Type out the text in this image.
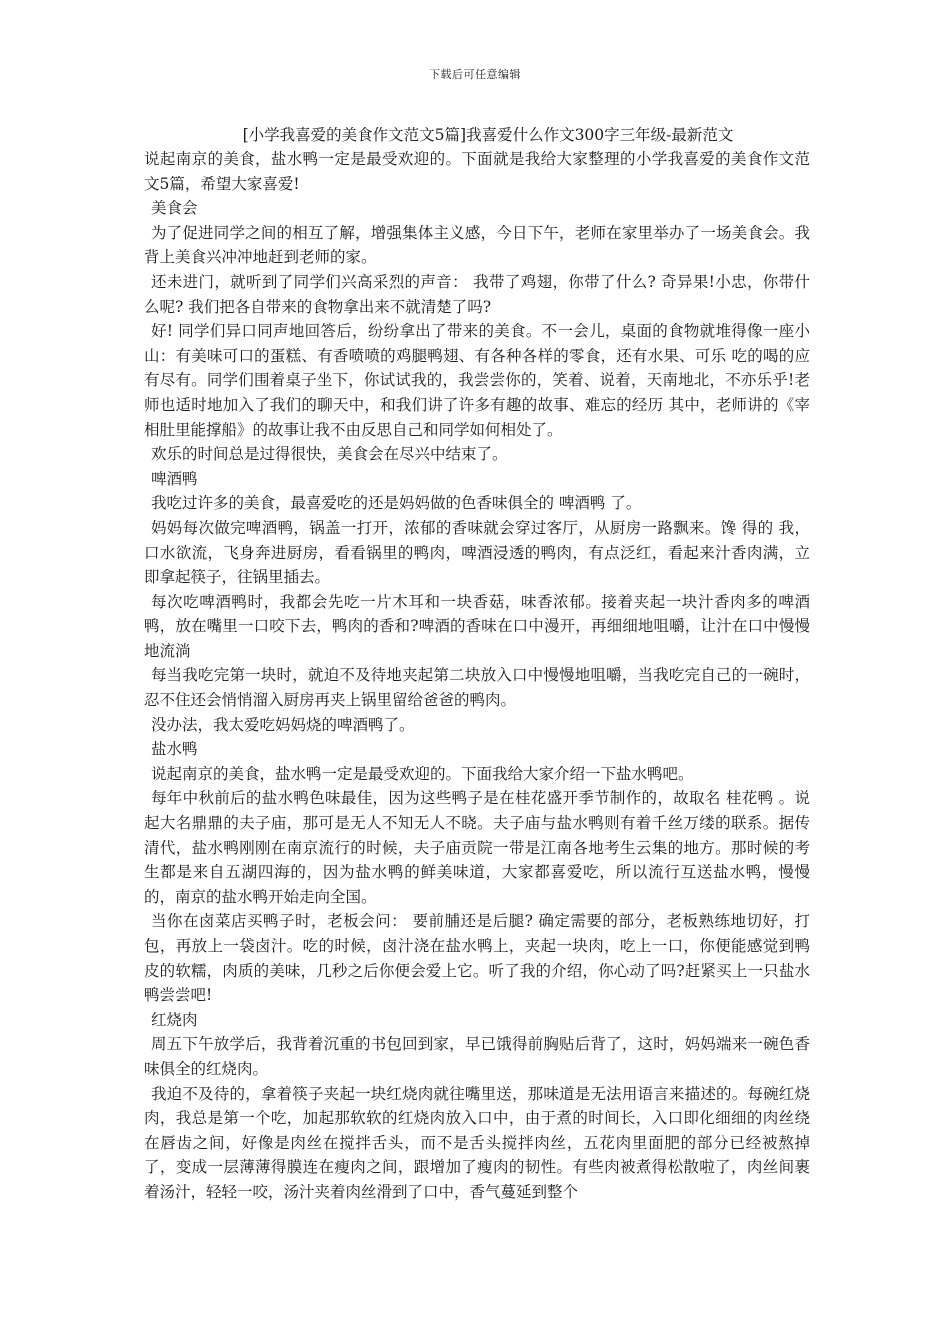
下载后可任意编辑
[小学我喜爱的美食作文范文5篇]我喜爱什么作文300字三年级-最新范文

说起南京的美食，盐水鸭一定是最受欢迎的。下面就是我给大家整理的小学我喜爱的美食作文范文5篇，希望大家喜爱!

美食会

为了促进同学之间的相互了解，增强集体主义感，今日下午，老师在家里举办了一场美食会。我背上美食兴冲冲地赶到老师的家。

还未进门，就听到了同学们兴高采烈的声音： 我带了鸡翅，你带了什么? 奇异果!小忠，你带什么呢? 我们把各自带来的食物拿出来不就清楚了吗?

好! 同学们异口同声地回答后，纷纷拿出了带来的美食。不一会儿，桌面的食物就堆得像一座小山：有美味可口的蛋糕、有香喷喷的鸡腿鸭翅、有各种各样的零食，还有水果、可乐 吃的喝的应有尽有。同学们围着桌子坐下，你试试我的，我尝尝你的，笑着、说着，天南地北，不亦乐乎!老师也适时地加入了我们的聊天中，和我们讲了许多有趣的故事、难忘的经历 其中，老师讲的《宰相肚里能撑船》的故事让我不由反思自己和同学如何相处了。

欢乐的时间总是过得很快，美食会在尽兴中结束了。

啤酒鸭

我吃过许多的美食，最喜爱吃的还是妈妈做的色香味俱全的 啤酒鸭 了。

妈妈每次做完啤酒鸭，锅盖一打开，浓郁的香味就会穿过客厅，从厨房一路飘来。馋 得的 我，口水欲流，飞身奔进厨房，看看锅里的鸭肉，啤酒浸透的鸭肉，有点泛红，看起来汁香肉满，立即拿起筷子，往锅里插去。

每次吃啤酒鸭时，我都会先吃一片木耳和一块香菇，味香浓郁。接着夹起一块汁香肉多的啤酒鸭，放在嘴里一口咬下去，鸭肉的香和?啤酒的香味在口中漫开，再细细地咀嚼，让汁在口中慢慢地流淌

每当我吃完第一块时，就迫不及待地夹起第二块放入口中慢慢地咀嚼，当我吃完自己的一碗时，忍不住还会悄悄溜入厨房再夹上锅里留给爸爸的鸭肉。

没办法，我太爱吃妈妈烧的啤酒鸭了。

盐水鸭

说起南京的美食，盐水鸭一定是最受欢迎的。下面我给大家介绍一下盐水鸭吧。

每年中秋前后的盐水鸭色味最佳，因为这些鸭子是在桂花盛开季节制作的，故取名 桂花鸭 。说起大名鼎鼎的夫子庙，那可是无人不知无人不晓。夫子庙与盐水鸭则有着千丝万缕的联系。据传清代，盐水鸭刚刚在南京流行的时候，夫子庙贡院一带是江南各地考生云集的地方。那时候的考生都是来自五湖四海的，因为盐水鸭的鲜美味道，大家都喜爱吃，所以流行互送盐水鸭，慢慢的，南京的盐水鸭开始走向全国。

当你在卤菜店买鸭子时，老板会问： 要前脯还是后腿? 确定需要的部分，老板熟练地切好，打包，再放上一袋卤汁。吃的时候，卤汁浇在盐水鸭上，夹起一块肉，吃上一口，你便能感觉到鸭皮的软糯，肉质的美味，几秒之后你便会爱上它。听了我的介绍，你心动了吗?赶紧买上一只盐水鸭尝尝吧!

红烧肉

周五下午放学后，我背着沉重的书包回到家，早已饿得前胸贴后背了，这时，妈妈端来一碗色香味俱全的红烧肉。

我迫不及待的，拿着筷子夹起一块红烧肉就往嘴里送，那味道是无法用语言来描述的。每碗红烧肉，我总是第一个吃，加起那软软的红烧肉放入口中，由于煮的时间长，入口即化细细的肉丝绕在唇齿之间，好像是肉丝在搅拌舌头，而不是舌头搅拌肉丝，五花肉里面肥的部分已经被熬掉了，变成一层薄薄得膜连在瘦肉之间，跟增加了瘦肉的韧性。有些肉被煮得松散啦了，肉丝间裹着汤汁，轻轻一咬，汤汁夹着肉丝滑到了口中，香气蔓延到整个
